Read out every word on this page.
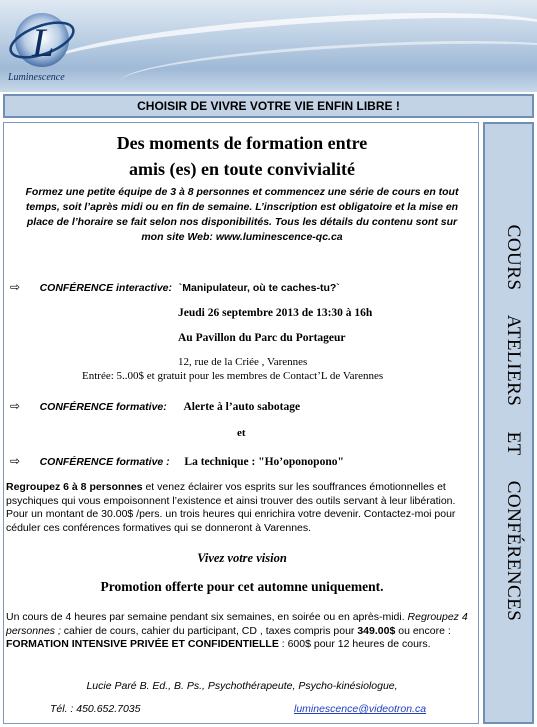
L
Luminescence
CHOISIR DE VIVRE VOTRE VIE ENFIN LIBRE !
Des moments de formation entre
amis (es) en toute convivialité
Formez une petite équipe de 3 à 8 personnes et commencez une série de cours en tout temps, soit l’après midi ou en fin de semaine. L’inscription est obligatoire et la mise en place de l’horaire se fait selon nos disponibilités. Tous les détails du contenu sont sur mon site Web: www.luminescence-qc.ca
⇨ CONFÉRENCE interactive: `Manipulateur, où te caches-tu?`
Jeudi 26 septembre 2013 de 13:30 à 16h
Au Pavillon du Parc du Portageur
12, rue de la Criée , Varennes
Entrée: 5..00$ et gratuit pour les membres de Contact’L de Varennes
⇨ CONFÉRENCE formative: Alerte à l’auto sabotage
et
⇨ CONFÉRENCE formative : La technique : "Ho’oponopono"
Regroupez 6 à 8 personnes et venez éclairer vos esprits sur les souffrances émotionnelles et psychiques qui vous empoisonnent l’existence et ainsi trouver des outils servant à leur libération. Pour un montant de 30.00$ /pers. un trois heures qui enrichira votre devenir. Contactez-moi pour céduler ces conférences formatives qui se donneront à Varennes.
Vivez votre vision
Promotion offerte pour cet automne uniquement.
Un cours de 4 heures par semaine pendant six semaines, en soirée ou en après-midi. Regroupez 4 personnes ; cahier de cours, cahier du participant, CD , taxes compris pour 349.00$ ou encore : FORMATION INTENSIVE PRIVÉE ET CONFIDENTIELLE : 600$ pour 12 heures de cours.
Lucie Paré B. Ed., B. Ps., Psychothérapeute, Psycho-kinésiologue,
Tél. : 450.652.7035	luminescence@videotron.ca
COURS ATELIERS ET CONFÉRENCES
